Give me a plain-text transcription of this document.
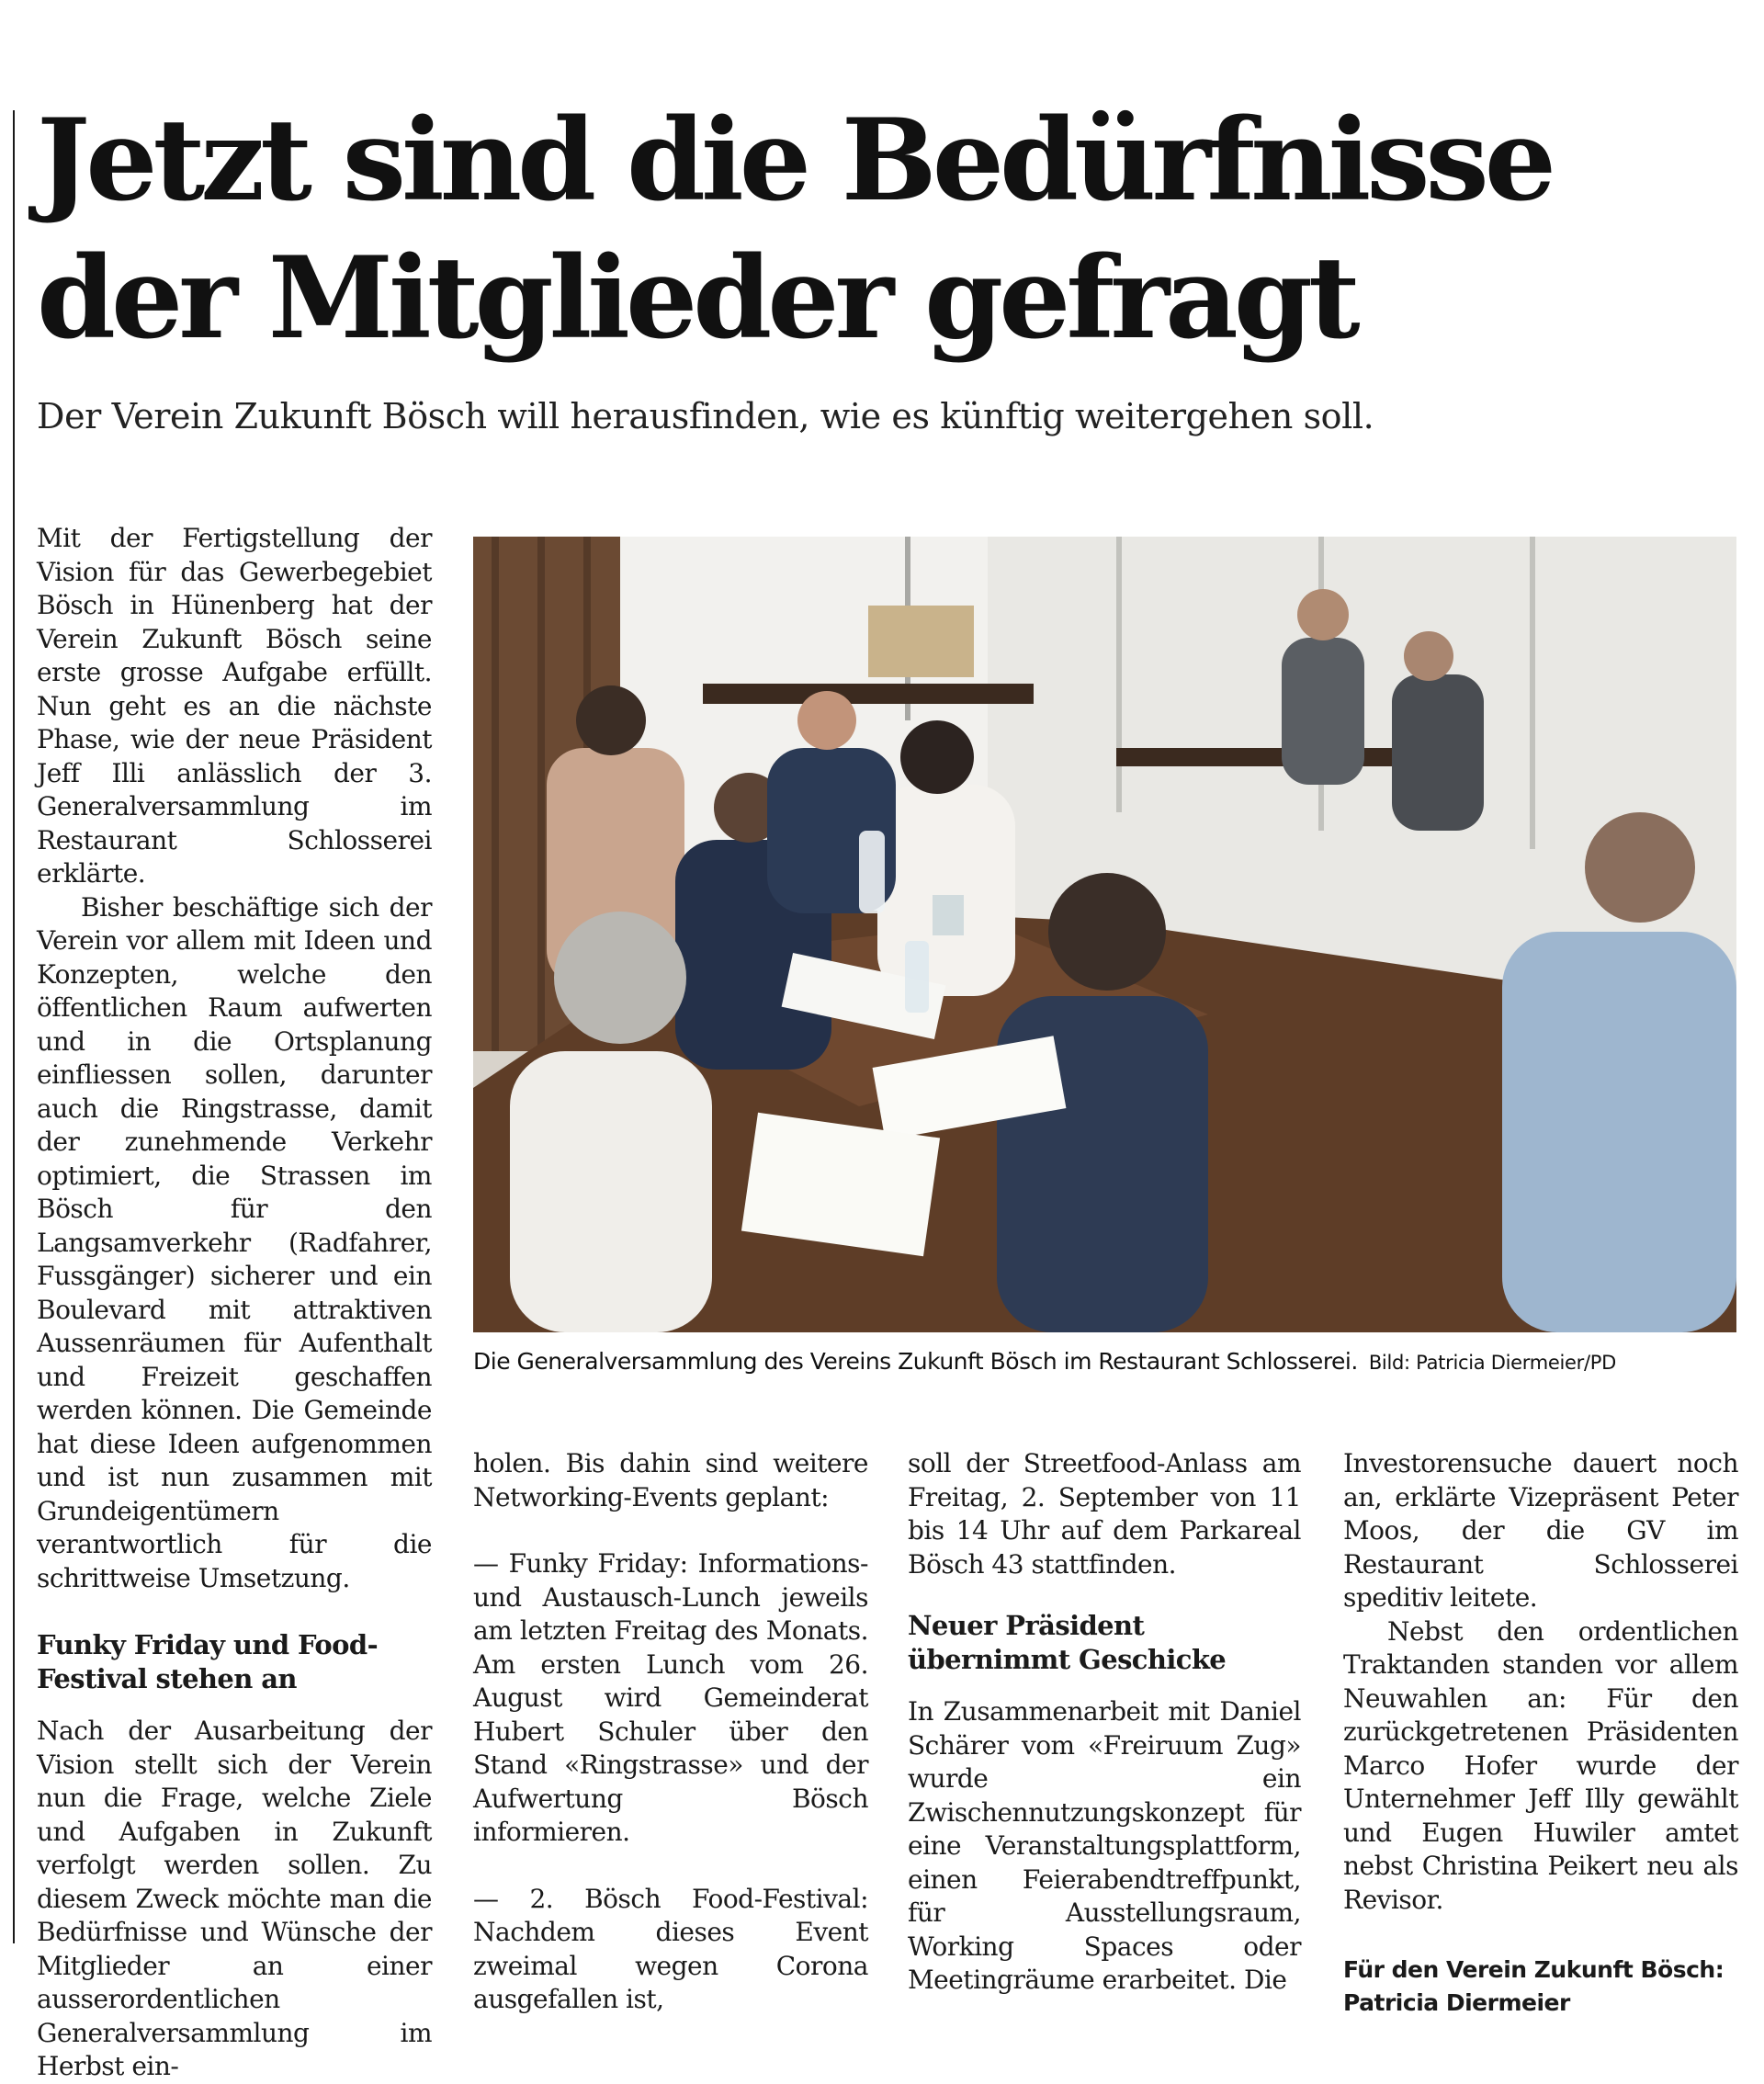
Jetzt sind die Bedürfnisse der Mitglieder gefragt

Der Verein Zukunft Bösch will herausfinden, wie es künftig weitergehen soll.

Mit der Fertigstellung der Vision für das Gewerbegebiet Bösch in Hünenberg hat der Verein Zukunft Bösch seine erste grosse Aufgabe erfüllt. Nun geht es an die nächste Phase, wie der neue Präsident Jeff Illi anlässlich der 3. Generalversammlung im Restaurant Schlosserei erklärte.

Bisher beschäftige sich der Verein vor allem mit Ideen und Konzepten, welche den öffentlichen Raum aufwerten und in die Ortsplanung einfliessen sollen, darunter auch die Ringstrasse, damit der zunehmende Verkehr optimiert, die Strassen im Bösch für den Langsamverkehr (Radfahrer, Fussgänger) sicherer und ein Boulevard mit attraktiven Aussenräumen für Aufenthalt und Freizeit geschaffen werden können. Die Gemeinde hat diese Ideen aufgenommen und ist nun zusammen mit Grundeigentümern verantwortlich für die schrittweise Umsetzung.

Funky Friday und Food-Festival stehen an

Nach der Ausarbeitung der Vision stellt sich der Verein nun die Frage, welche Ziele und Aufgaben in Zukunft verfolgt werden sollen. Zu diesem Zweck möchte man die Bedürfnisse und Wünsche der Mitglieder an einer ausserordentlichen Generalversammlung im Herbst ein-

Die Generalversammlung des Vereins Zukunft Bösch im Restaurant Schlosserei. Bild: Patricia Diermeier/PD

holen. Bis dahin sind weitere Networking-Events geplant:

— Funky Friday: Informations- und Austausch-Lunch jeweils am letzten Freitag des Monats. Am ersten Lunch vom 26. August wird Gemeinderat Hubert Schuler über den Stand «Ringstrasse» und der Aufwertung Bösch informieren.

— 2. Bösch Food-Festival: Nachdem dieses Event zweimal wegen Corona ausgefallen ist,

soll der Streetfood-Anlass am Freitag, 2. September von 11 bis 14 Uhr auf dem Parkareal Bösch 43 stattfinden.

Neuer Präsident übernimmt Geschicke

In Zusammenarbeit mit Daniel Schärer vom «Freiruum Zug» wurde ein Zwischennutzungskonzept für eine Veranstaltungsplattform, einen Feierabendtreffpunkt, für Ausstellungsraum, Working Spaces oder Meetingräume erarbeitet. Die

Investorensuche dauert noch an, erklärte Vizepräsent Peter Moos, der die GV im Restaurant Schlosserei speditiv leitete.

Nebst den ordentlichen Traktanden standen vor allem Neuwahlen an: Für den zurückgetretenen Präsidenten Marco Hofer wurde der Unternehmer Jeff Illy gewählt und Eugen Huwiler amtet nebst Christina Peikert neu als Revisor.

Für den Verein Zukunft Bösch:
Patricia Diermeier
